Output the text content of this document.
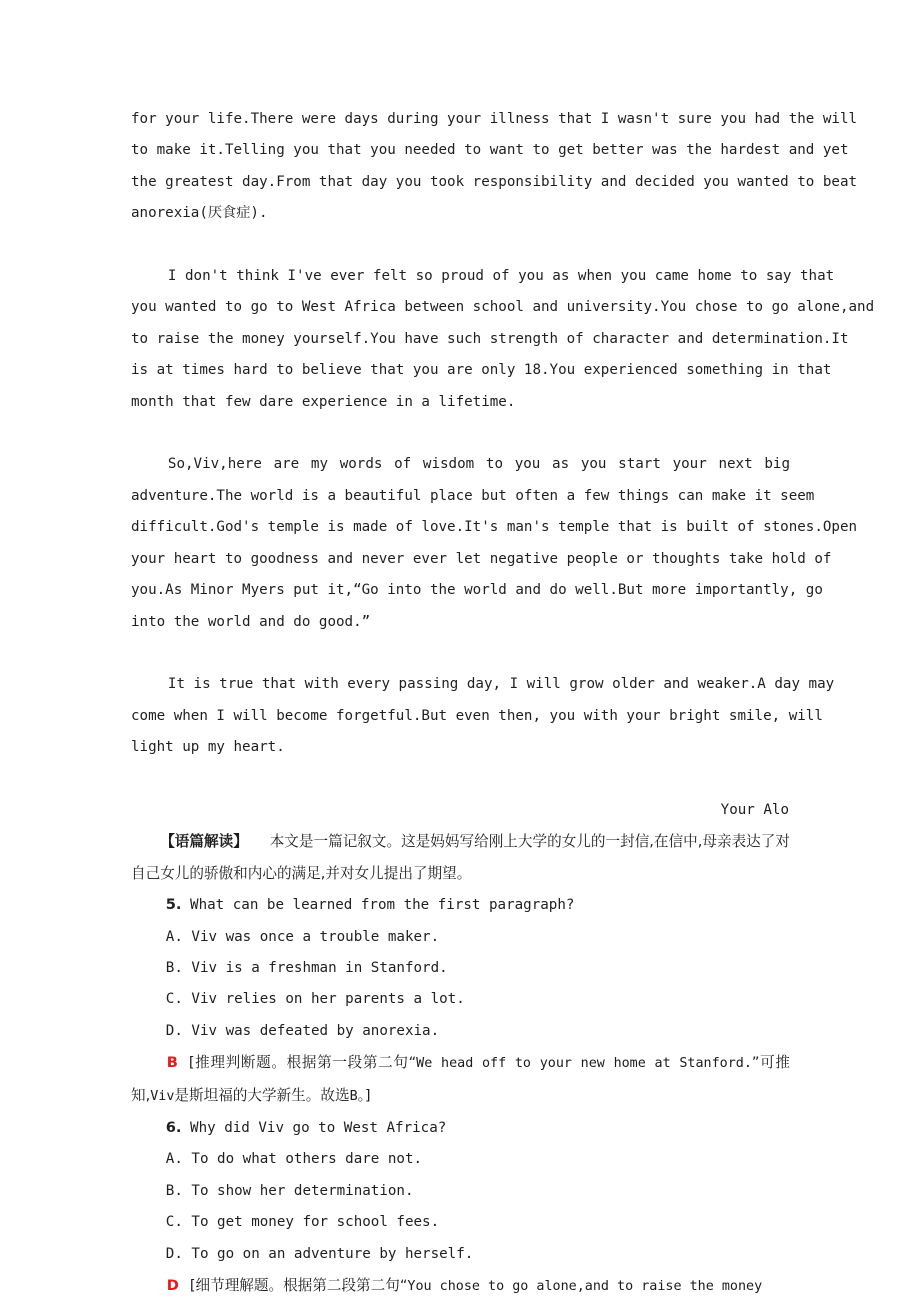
for your life.There were days during your illness that I wasn't sure you had the will
to make it.Telling you that you needed to want to get better was the hardest and yet
the greatest day.From that day you took responsibility and decided you wanted to beat
anorexia(厌食症).
I don't think I've ever felt so proud of you as when you came home to say that
you wanted to go to West Africa between school and university.You chose to go alone,and
to raise the money yourself.You have such strength of character and determination.It
is at times hard to believe that you are only 18.You experienced something in that
month that few dare experience in a lifetime.
So,Viv,here are my words of wisdom to you as you start your next big
adventure.The world is a beautiful place but often a few things can make it seem
difficult.God's temple is made of love.It's man's temple that is built of stones.Open
your heart to goodness and never ever let negative people or thoughts take hold of
you.As Minor Myers put it,“Go into the world and do well.But more importantly, go
into the world and do good.”
It is true that with every passing day, I will grow older and weaker.A day may
come when I will become forgetful.But even then, you with your bright smile, will
light up my heart.
Your Alo
【语篇解读】 本文是一篇记叙文。这是妈妈写给刚上大学的女儿的一封信,在信中,母亲表达了对自己女儿的骄傲和内心的满足,并对女儿提出了期望。
5. What can be learned from the first paragraph?
A. Viv was once a trouble maker.
B. Viv is a freshman in Stanford.
C. Viv relies on her parents a lot.
D. Viv was defeated by anorexia.
B [推理判断题。根据第一段第二句“We head off to your new home at Stanford.”可推知,Viv是斯坦福的大学新生。故选B。]
6. Why did Viv go to West Africa?
A. To do what others dare not.
B. To show her determination.
C. To get money for school fees.
D. To go on an adventure by herself.
D [细节理解题。根据第二段第二句“You chose to go alone,and to raise the money
